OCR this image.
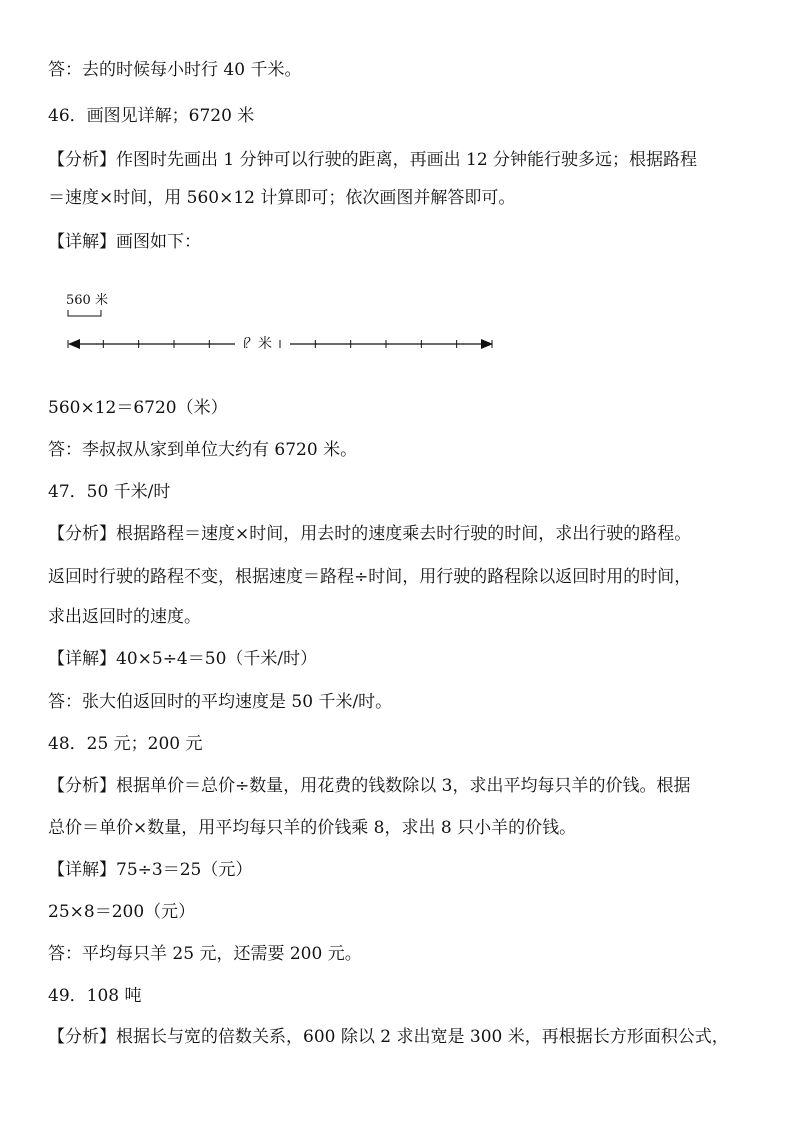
答：去的时候每小时行 40 千米。
46．画图见详解；6720 米
【分析】作图时先画出 1 分钟可以行驶的距离，再画出 12 分钟能行驶多远；根据路程
＝速度×时间，用 560×12 计算即可；依次画图并解答即可。
【详解】画图如下：
560 米
？米
560×12＝6720（米）
答：李叔叔从家到单位大约有 6720 米。
47．50 千米/时
【分析】根据路程＝速度×时间，用去时的速度乘去时行驶的时间，求出行驶的路程。
返回时行驶的路程不变，根据速度＝路程÷时间，用行驶的路程除以返回时用的时间，
求出返回时的速度。
【详解】40×5÷4＝50（千米/时）
答：张大伯返回时的平均速度是 50 千米/时。
48．25 元；200 元
【分析】根据单价＝总价÷数量，用花费的钱数除以 3，求出平均每只羊的价钱。根据
总价＝单价×数量，用平均每只羊的价钱乘 8，求出 8 只小羊的价钱。
【详解】75÷3＝25（元）
25×8＝200（元）
答：平均每只羊 25 元，还需要 200 元。
49．108 吨
【分析】根据长与宽的倍数关系，600 除以 2 求出宽是 300 米，再根据长方形面积公式，
